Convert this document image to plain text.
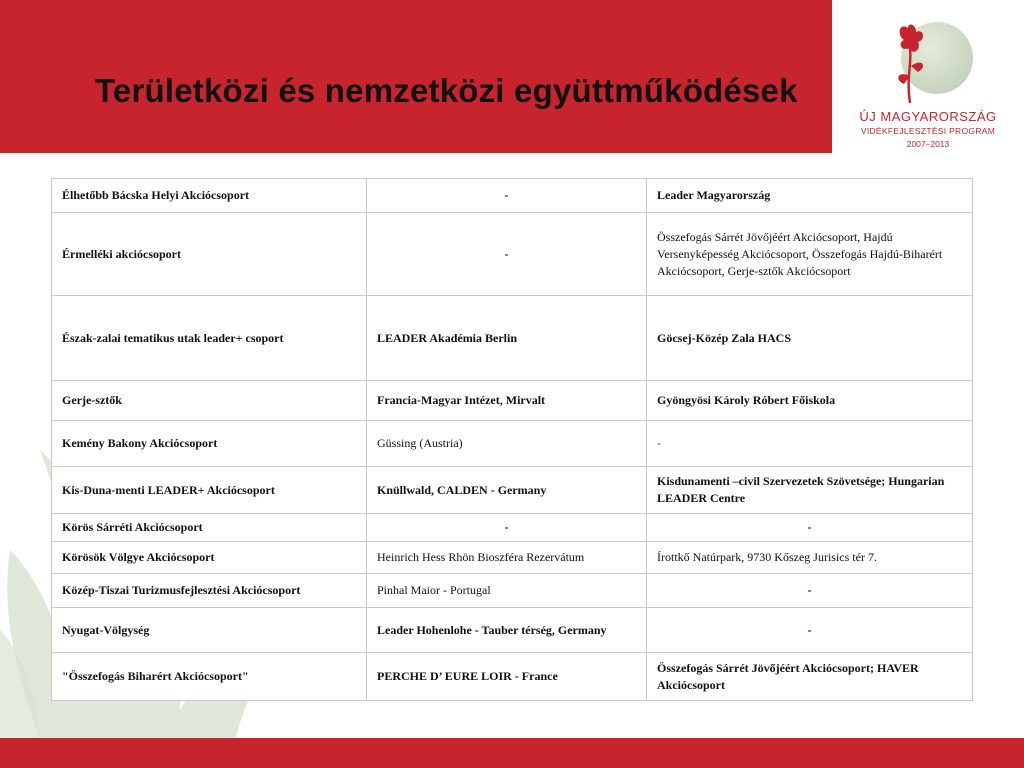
Területközi és nemzetközi együttműködések
ÚJ MAGYARORSZÁG
VIDÉKFEJLESZTÉSI PROGRAM
2007–2013
Élhetőbb Bácska Helyi Akciócsoport	-	Leader Magyarország
Érmelléki akciócsoport	-	Összefogás Sárrét Jövőjéért Akciócsoport, Hajdú Versenyképesség Akciócsoport, Összefogás Hajdú-Biharért Akciócsoport, Gerje-sztők Akciócsoport
Észak-zalai tematikus utak leader+ csoport	LEADER Akadémia Berlin	Göcsej-Közép Zala HACS
Gerje-sztők	Francia-Magyar Intézet, Mirvalt	Gyöngyösi Károly Róbert Főiskola
Kemény Bakony Akciócsoport	Güssing (Austria)	-
Kis-Duna-menti LEADER+ Akciócsoport	Knüllwald, CALDEN - Germany	Kisdunamenti –civil Szervezetek Szövetsége; Hungarian LEADER Centre
Körös Sárréti Akciócsoport	-	-
Körösök Völgye Akciócsoport	Heinrich Hess Rhön Bioszféra Rezervátum	Írottkő Natúrpark, 9730 Kőszeg Jurisics tér 7.
Közép-Tiszai Turizmusfejlesztési Akciócsoport	Pinhal Maior - Portugal	-
Nyugat-Völgység	Leader Hohenlohe - Tauber térség, Germany	-
"Összefogás Biharért Akciócsoport"	PERCHE D’ EURE LOIR - France	Összefogás Sárrét Jövőjéért Akciócsoport; HAVER Akciócsoport
